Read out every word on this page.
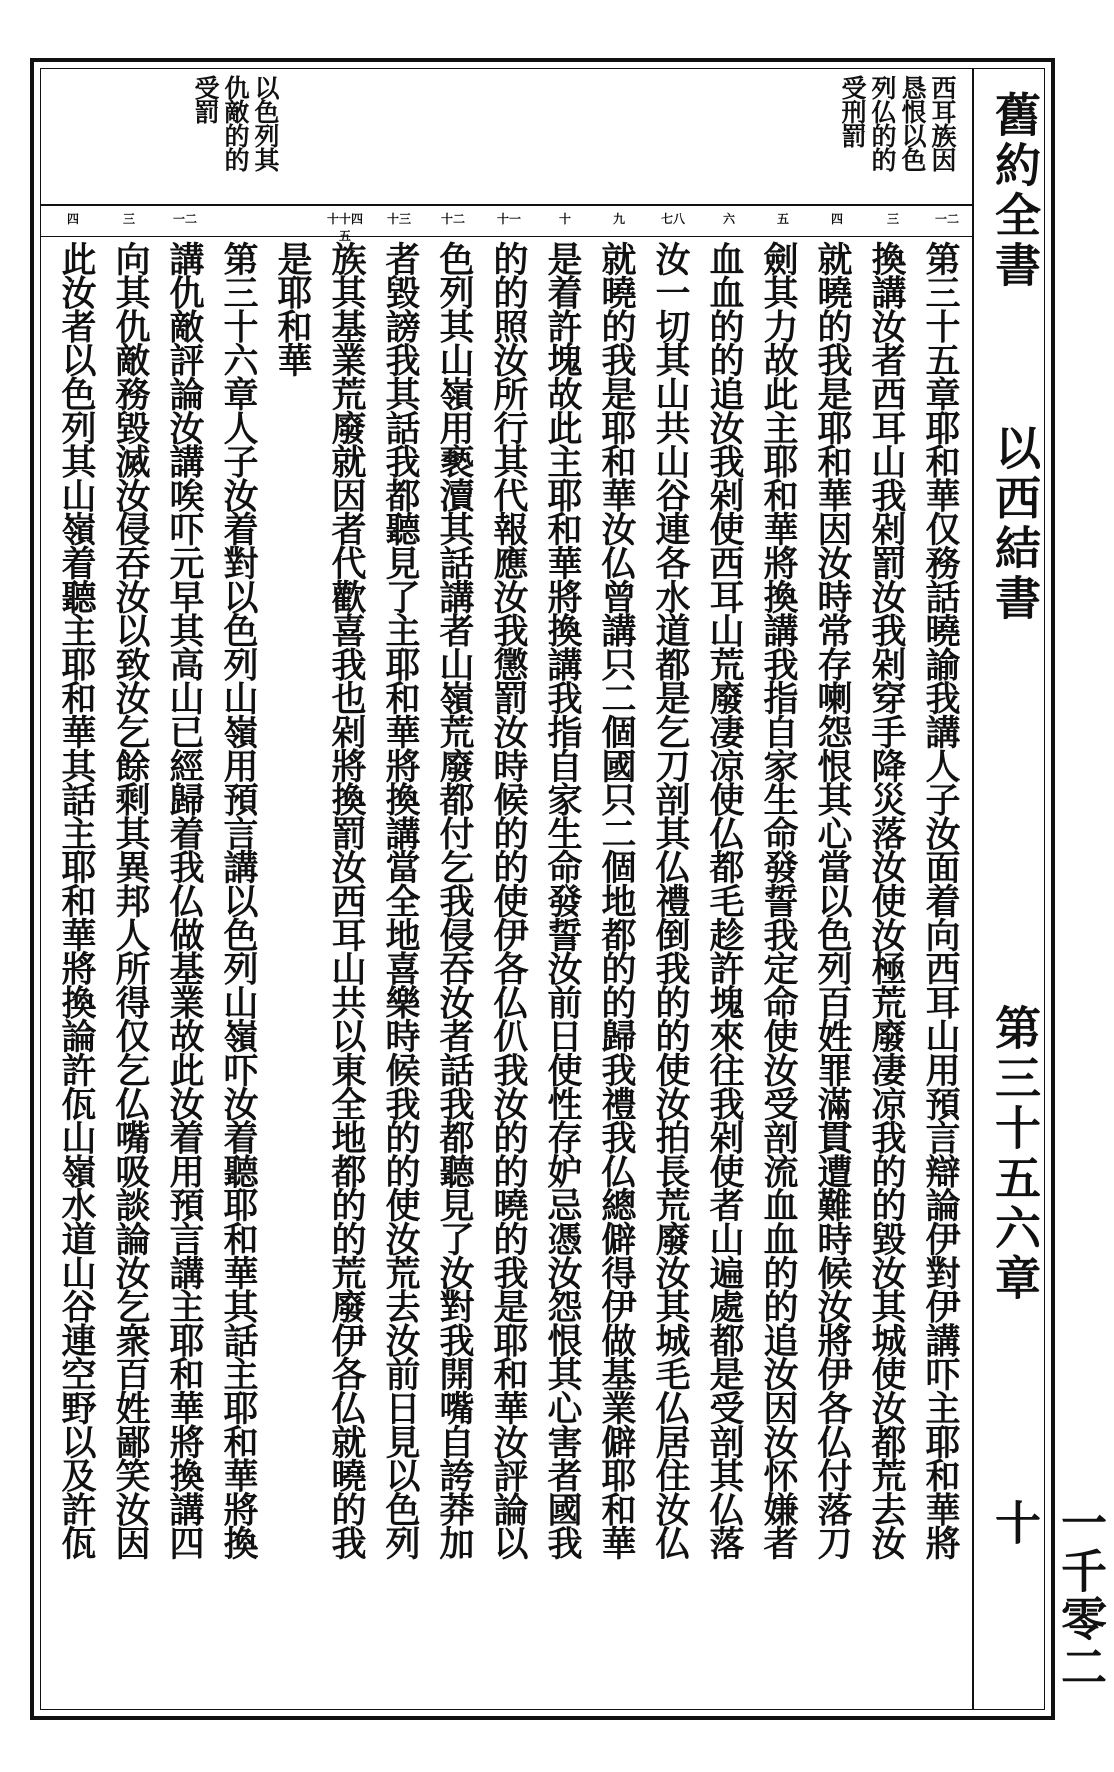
舊約全書
以西結書
第三十五六章
一千零二十
西耳族因
恳恨以色
列仏的的
受刑罰
以色列其
仇敵的的
受罰
一二
三
四
五
六
七八
九
十
十一
十二
十三
十十四五
一二
三
四
第三十五章耶和華仅務話曉諭我講人子汝面着向西耳山用預言辯論伊對伊講吓主耶和華將
換講汝者西耳山我剁罰汝我剁穿手降災落汝使汝極荒廢凄凉我的的毀汝其城使汝都荒去汝
就曉的我是耶和華因汝時常存喇怨恨其心當以色列百姓罪滿貫遭難時候汝將伊各仏付落刀
劍其力故此主耶和華將換講我指自家生命發誓我定命使汝受剖流血血的的追汝因汝怀嫌者
血血的的追汝我剁使西耳山荒廢凄凉使仏都毛趁許塊來往我剁使者山遍處都是受剖其仏落
汝一切其山共山谷連各水道都是乞刀剖其仏禮倒我的的使汝拍長荒廢汝其城毛仏居住汝仏
就曉的我是耶和華汝仏曾講只二個國只二個地都的的歸我禮我仏總僻得伊做基業僻耶和華
是着許塊故此主耶和華將換講我指自家生命發誓汝前日使性存妒忌憑汝怨恨其心害者國我
的的照汝所行其代報應汝我懲罰汝時候的的使伊各仏仈我汝的的曉的我是耶和華汝評論以
色列其山嶺用褻瀆其話講者山嶺荒廢都付乞我侵吞汝者話我都聽見了汝對我開嘴自誇莽加
者毀謗我其話我都聽見了主耶和華將換講當全地喜樂時候我的的使汝荒去汝前日見以色列
族其基業荒廢就因者代歡喜我也剁將換罰汝西耳山共以東全地都的的荒廢伊各仏就曉的我
是耶和華
第三十六章人子汝着對以色列山嶺用預言講以色列山嶺吓汝着聽耶和華其話主耶和華將換
講仇敵評論汝講唉吓元早其高山已經歸着我仏做基業故此汝着用預言講主耶和華將換講四
向其仇敵務毀滅汝侵吞汝以致汝乞餘剩其異邦人所得仅乞仏嘴吸談論汝乞衆百姓鄙笑汝因
此汝者以色列其山嶺着聽主耶和華其話主耶和華將換論許佤山嶺水道山谷連空野以及許佤
